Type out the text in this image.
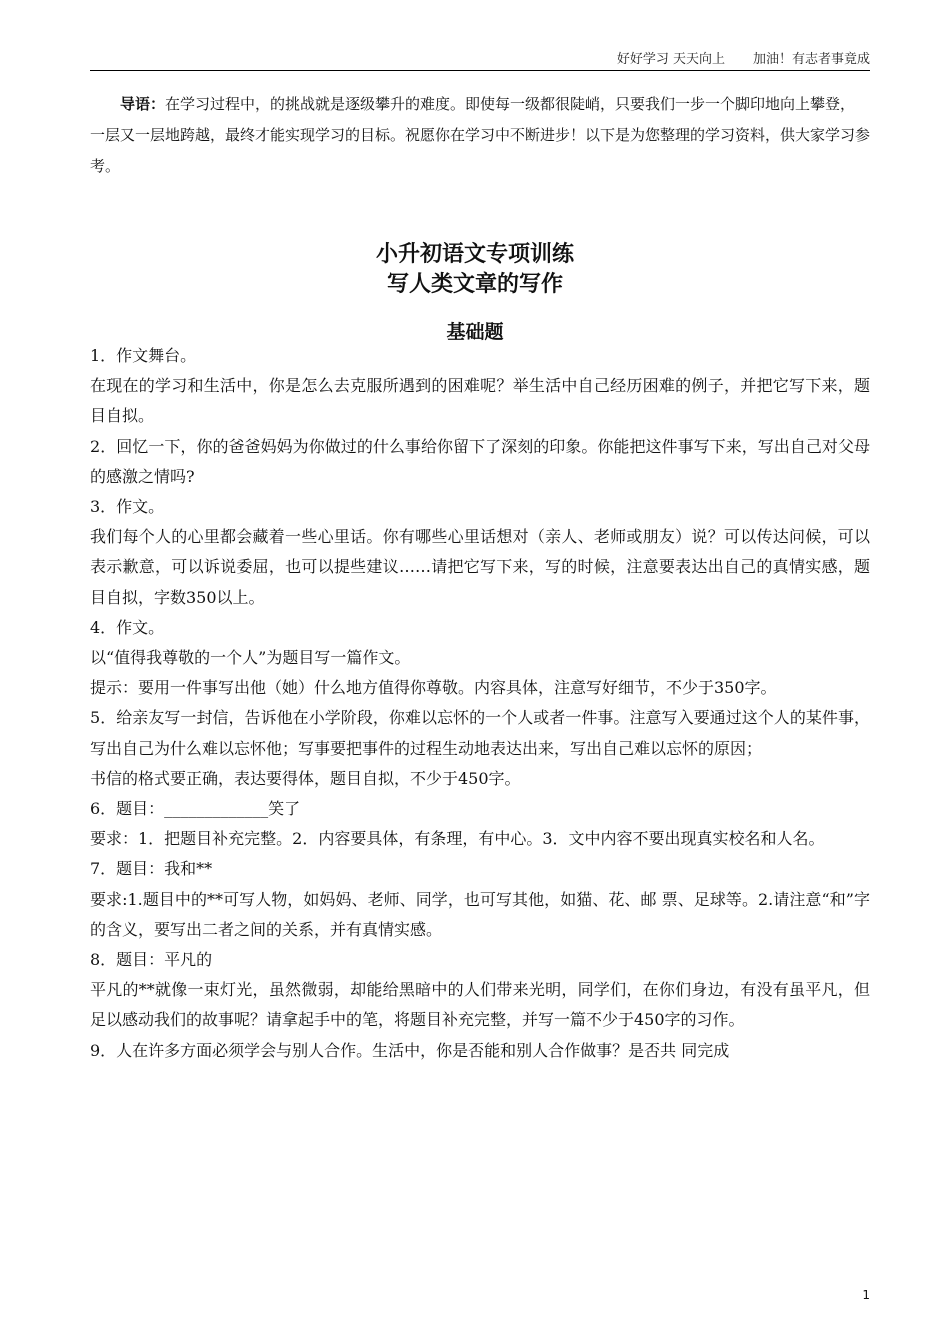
好好学习 天天向上 加油！有志者事竟成
导语：在学习过程中，的挑战就是逐级攀升的难度。即使每一级都很陡峭，只要我们一步一个脚印地向上攀登，一层又一层地跨越，最终才能实现学习的目标。祝愿你在学习中不断进步！以下是为您整理的学习资料，供大家学习参考。
小升初语文专项训练
写人类文章的写作
基础题

1．作文舞台。

在现在的学习和生活中，你是怎么去克服所遇到的困难呢？举生活中自己经历困难的例子，并把它写下来，题目自拟。

2．回忆一下，你的爸爸妈妈为你做过的什么事给你留下了深刻的印象。你能把这件事写下来，写出自己对父母的感激之情吗?

3．作文。

我们每个人的心里都会藏着一些心里话。你有哪些心里话想对（亲人、老师或朋友）说？可以传达问候，可以表示歉意，可以诉说委屈，也可以提些建议……请把它写下来，写的时候，注意要表达出自己的真情实感，题目自拟，字数350以上。

4．作文。

以“值得我尊敬的一个人”为题目写一篇作文。

提示：要用一件事写出他（她）什么地方值得你尊敬。内容具体，注意写好细节，不少于350字。

5．给亲友写一封信，告诉他在小学阶段，你难以忘怀的一个人或者一件事。注意写入要通过这个人的某件事，写出自己为什么难以忘怀他；写事要把事件的过程生动地表达出来，写出自己难以忘怀的原因；

书信的格式要正确，表达要得体，题目自拟，不少于450字。

6．题目：_____________笑了

要求：1．把题目补充完整。2．内容要具体，有条理，有中心。3．文中内容不要出现真实校名和人名。

7．题目：我和**

要求:1.题目中的**可写人物，如妈妈、老师、同学，也可写其他，如猫、花、邮 票、足球等。2.请注意“和”字的含义，要写出二者之间的关系，并有真情实感。

8．题目：平凡的

平凡的**就像一束灯光，虽然微弱，却能给黑暗中的人们带来光明，同学们，在你们身边，有没有虽平凡，但足以感动我们的故事呢？请拿起手中的笔，将题目补充完整，并写一篇不少于450字的习作。

9．人在许多方面必须学会与别人合作。生活中，你是否能和别人合作做事？是否共 同完成

1
